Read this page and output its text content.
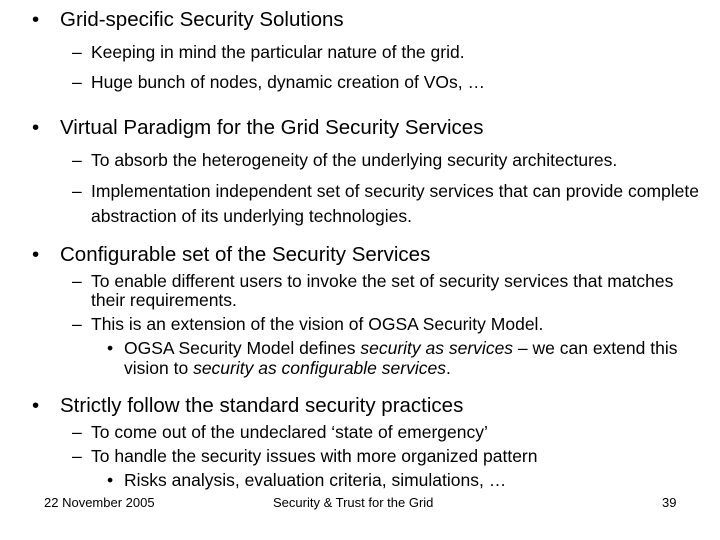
• Grid-specific Security Solutions
– Keeping in mind the particular nature of the grid.
– Huge bunch of nodes, dynamic creation of VOs, …
• Virtual Paradigm for the Grid Security Services
– To absorb the heterogeneity of the underlying security architectures.
– Implementation independent set of security services that can provide complete abstraction of its underlying technologies.
• Configurable set of the Security Services
– To enable different users to invoke the set of security services that matches their requirements.
– This is an extension of the vision of OGSA Security Model.
• OGSA Security Model defines security as services – we can extend this vision to security as configurable services.
• Strictly follow the standard security practices
– To come out of the undeclared ‘state of emergency’
– To handle the security issues with more organized pattern
• Risks analysis, evaluation criteria, simulations, …
22 November 2005	Security & Trust for the Grid	39
